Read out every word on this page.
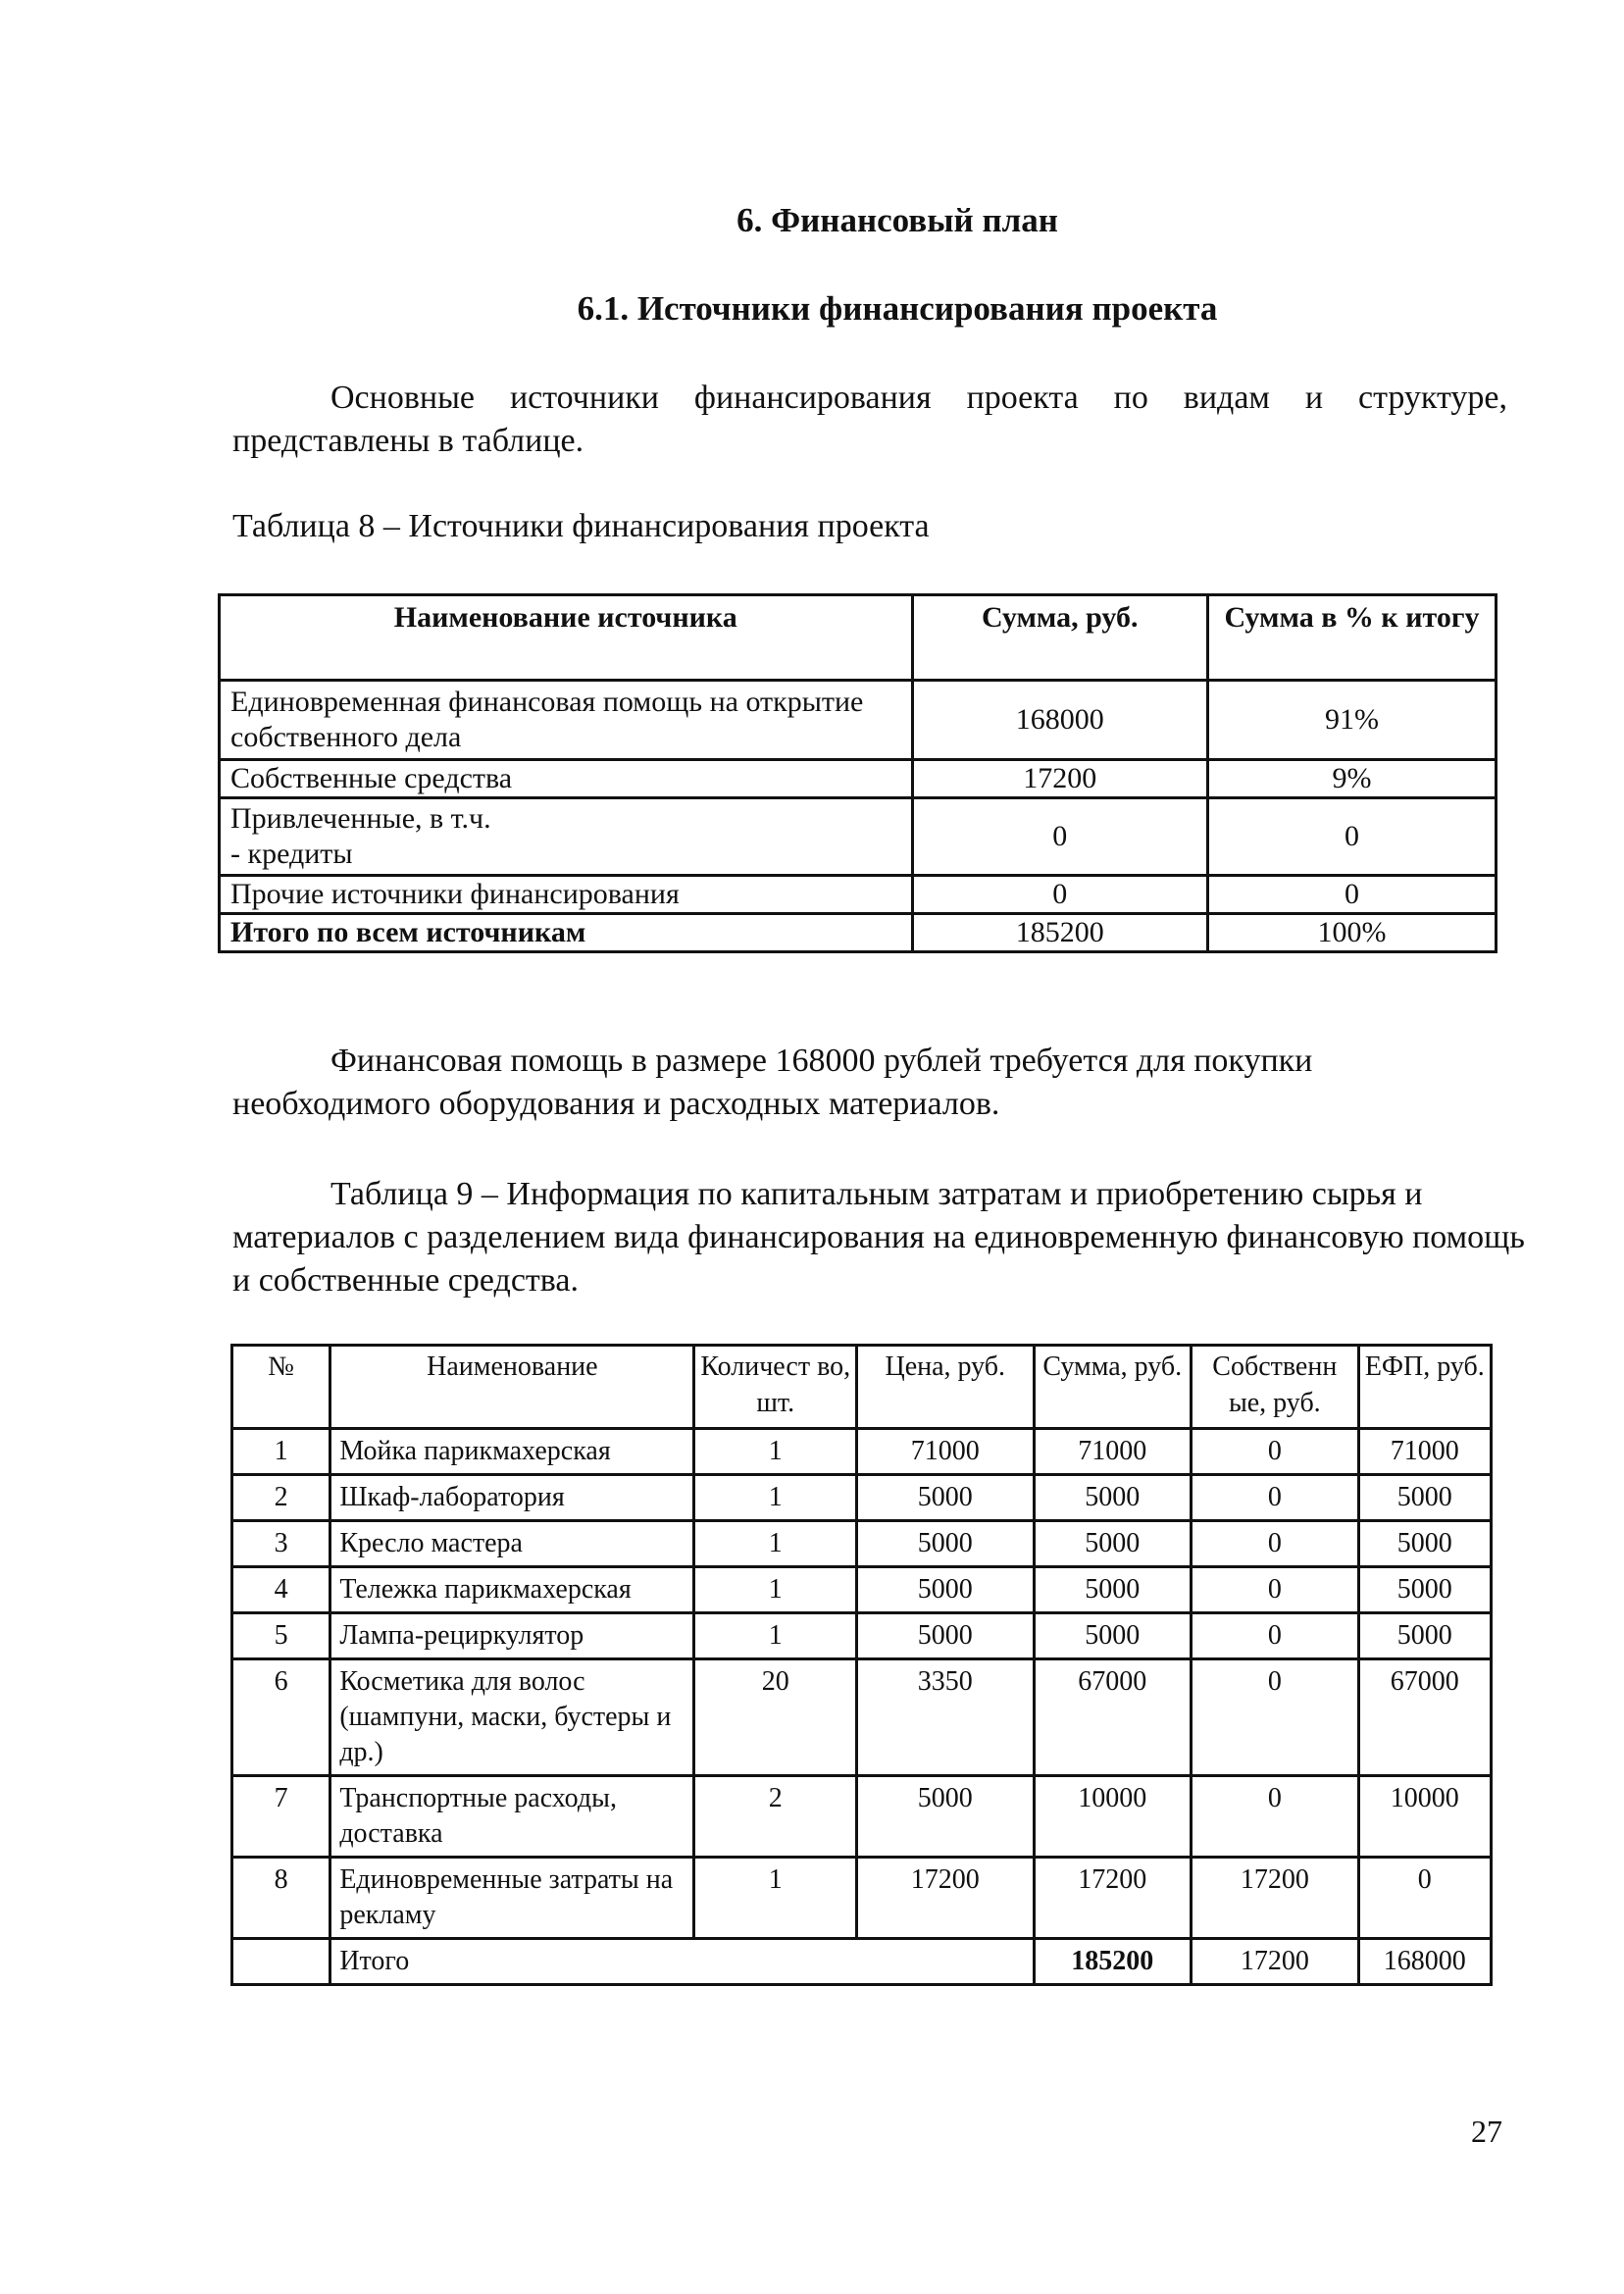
6. Финансовый план
6.1. Источники финансирования проекта
Основные источники финансирования проекта по видам и структуре, представлены в таблице.
Таблица 8 – Источники финансирования проекта
Наименование источника	Сумма, руб.	Сумма в % к итогу
Единовременная финансовая помощь на открытие собственного дела	168000	91%
Собственные средства	17200	9%

Привлеченные, в т.ч.
- кредиты	0	0
Прочие источники финансирования	0	0
Итого по всем источникам	185200	100%
Финансовая помощь в размере 168000 рублей требуется для покупки необходимого оборудования и расходных материалов.
Таблица 9 – Информация по капитальным затратам и приобретению сырья и материалов с разделением вида финансирования на единовременную финансовую помощь и собственные средства.
№	Наименование	Количест во, шт.	Цена, руб.	Сумма, руб.	Собственн ые, руб.	ЕФП, руб.
1	Мойка парикмахерская	1	71000	71000	0	71000
2	Шкаф-лаборатория	1	5000	5000	0	5000
3	Кресло мастера	1	5000	5000	0	5000
4	Тележка парикмахерская	1	5000	5000	0	5000
5	Лампа-рециркулятор	1	5000	5000	0	5000
6	Косметика для волос (шампуни, маски, бустеры и др.)	20	3350	67000	0	67000
7	Транспортные расходы, доставка	2	5000	10000	0	10000
8	Единовременные затраты на рекламу	1	17200	17200	17200	0
	Итого			185200	17200	168000
27
